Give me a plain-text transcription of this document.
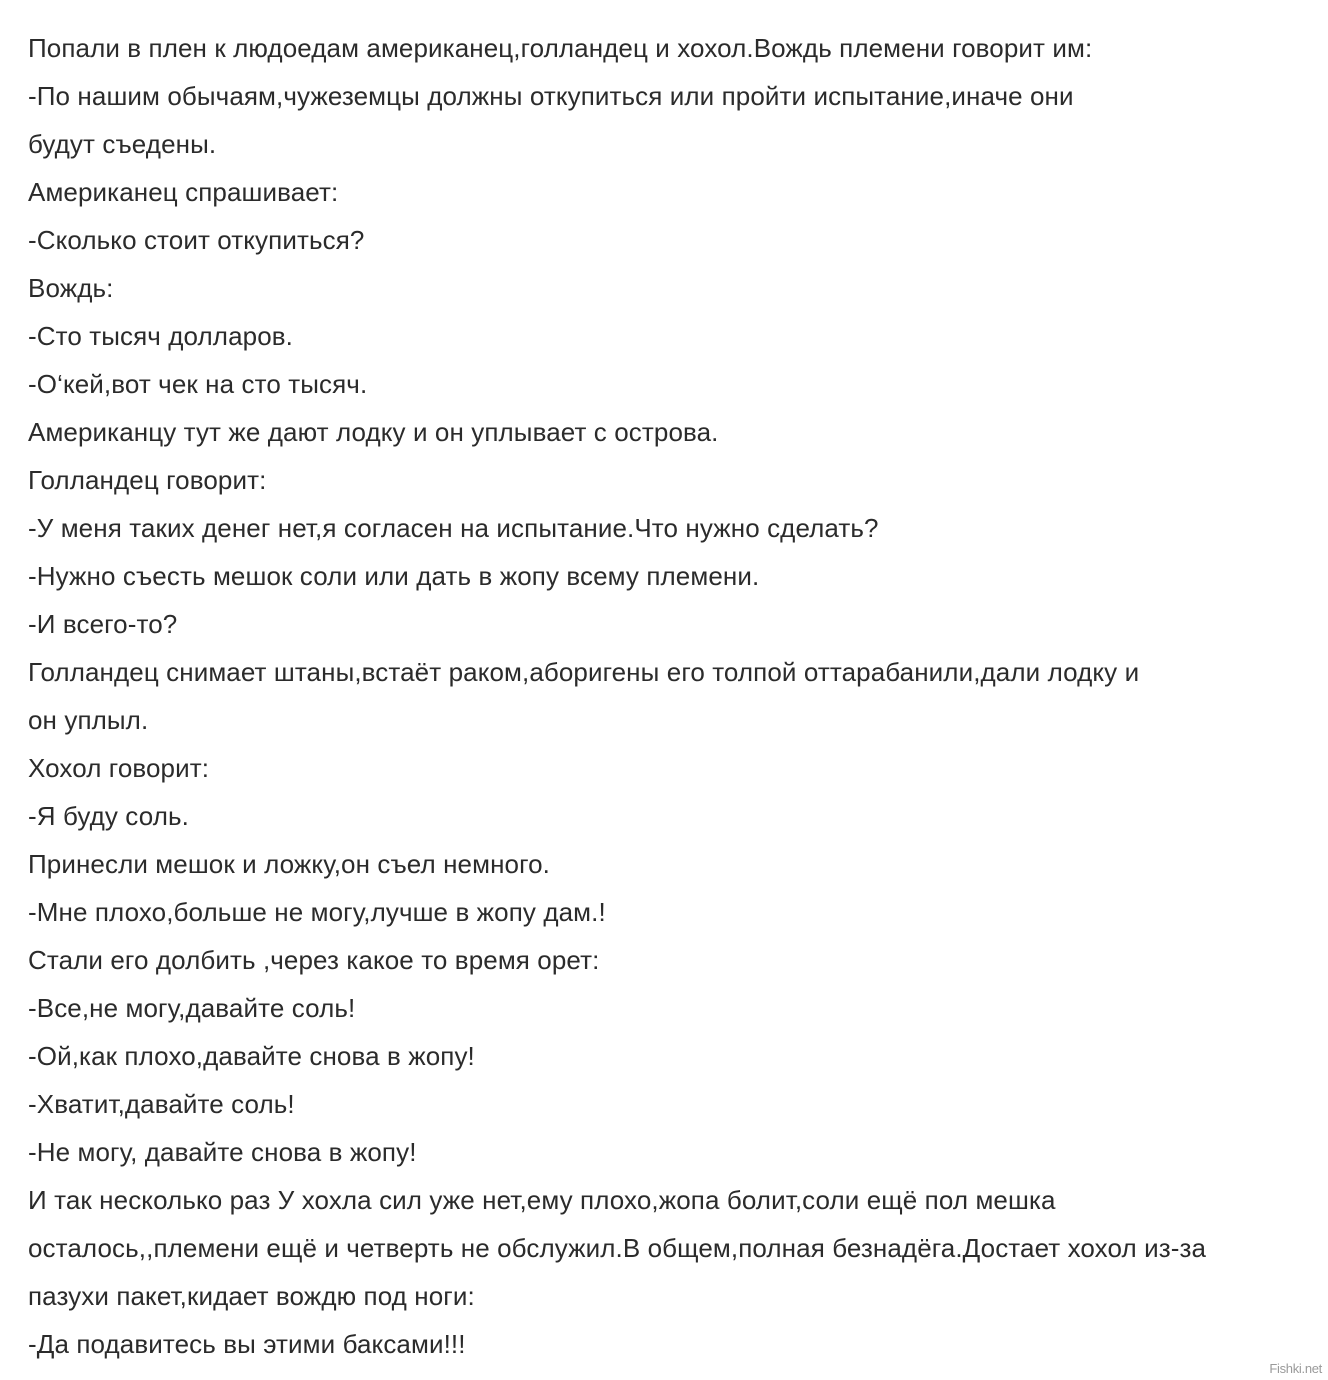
Попали в плен к людоедам американец,голландец и хохол.Вождь племени говорит им:
-По нашим обычаям,чужеземцы должны откупиться или пройти испытание,иначе они
будут съедены.
Американец спрашивает:
-Сколько стоит откупиться?
Вождь:
-Сто тысяч долларов.
-О‘кей,вот чек на сто тысяч.
Американцу тут же дают лодку и он уплывает с острова.
Голландец говорит:
-У меня таких денег нет,я согласен на испытание.Что нужно сделать?
-Нужно съесть мешок соли или дать в жопу всему племени.
-И всего-то?
Голландец снимает штаны,встаёт раком,аборигены его толпой оттарабанили,дали лодку и
он уплыл.
Хохол говорит:
-Я буду соль.
Принесли мешок и ложку,он съел немного.
-Мне плохо,больше не могу,лучше в жопу дам.!
Стали его долбить ,через какое то время орет:
-Все,не могу,давайте соль!
-Ой,как плохо,давайте снова в жопу!
-Хватит,давайте соль!
-Не могу, давайте снова в жопу!
И так несколько раз У хохла сил уже нет,ему плохо,жопа болит,соли ещё пол мешка
осталось,,племени ещё и четверть не обслужил.В общем,полная безнадёга.Достает хохол из-за
пазухи пакет,кидает вождю под ноги:
-Да подавитесь вы этими баксами!!!
Fishki.net
